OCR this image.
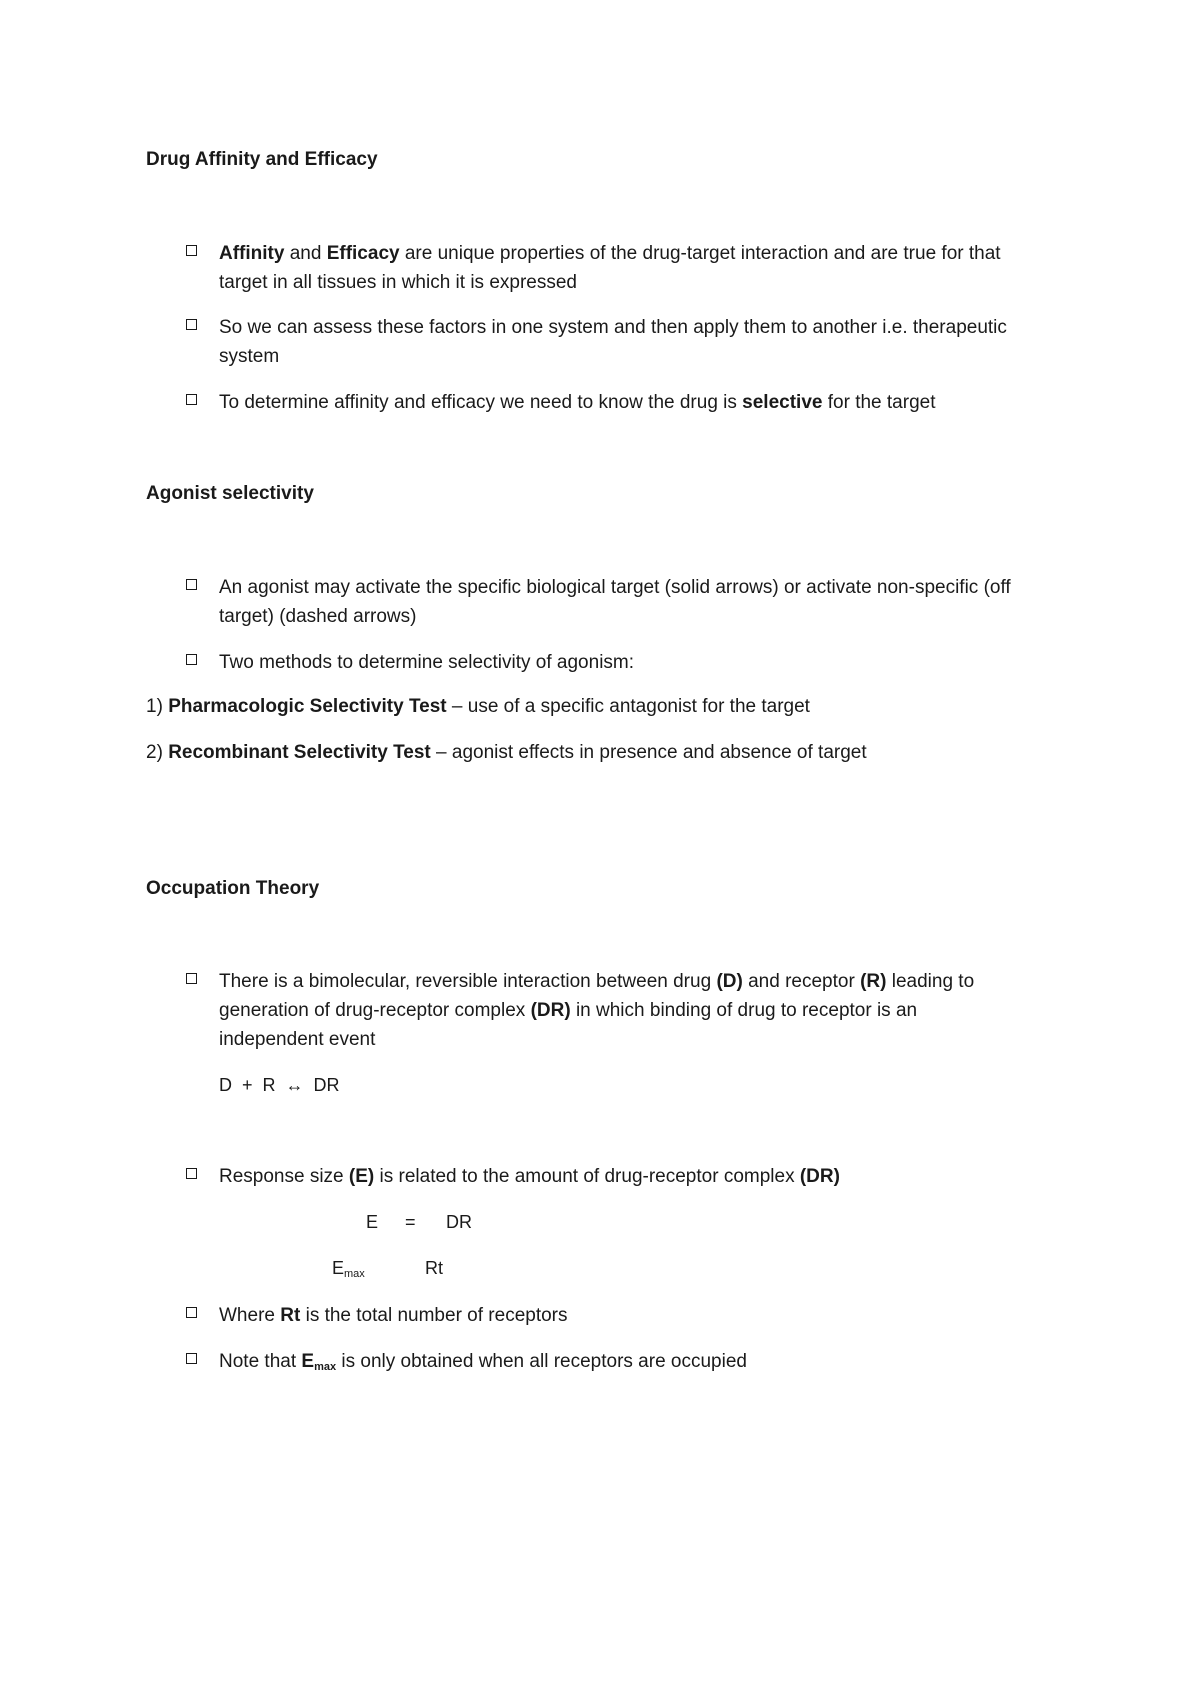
Drug Affinity and Efficacy
Affinity and Efficacy are unique properties of the drug-target interaction and are true for that target in all tissues in which it is expressed
So we can assess these factors in one system and then apply them to another i.e. therapeutic system
To determine affinity and efficacy we need to know the drug is selective for the target
Agonist selectivity
An agonist may activate the specific biological target (solid arrows) or activate non-specific (off target) (dashed arrows)
Two methods to determine selectivity of agonism:
1) Pharmacologic Selectivity Test – use of a specific antagonist for the target
2) Recombinant Selectivity Test – agonist effects in presence and absence of target
Occupation Theory
There is a bimolecular, reversible interaction between drug (D) and receptor (R) leading to generation of drug-receptor complex (DR) in which binding of drug to receptor is an independent event
D  +  R  ↔  DR
Response size (E) is related to the amount of drug-receptor complex (DR)
E = DR
$E_{max}$	Rt
Where Rt is the total number of receptors
Note that $E_{max}$ is only obtained when all receptors are occupied
